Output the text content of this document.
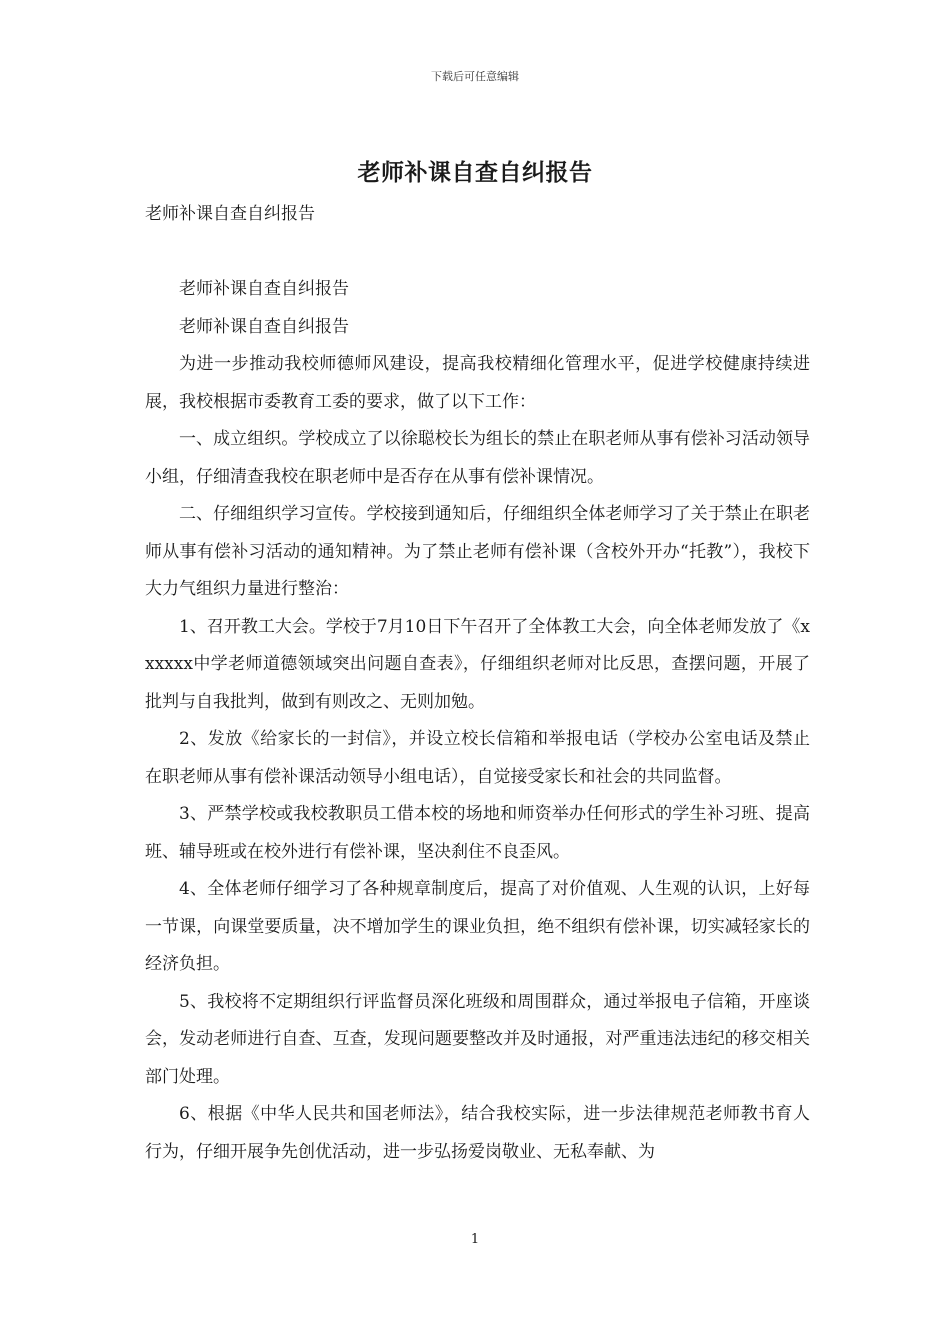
下载后可任意编辑
老师补课自查自纠报告

老师补课自查自纠报告

老师补课自查自纠报告

老师补课自查自纠报告

为进一步推动我校师德师风建设，提高我校精细化管理水平，促进学校健康持续进展，我校根据市委教育工委的要求，做了以下工作：

一、成立组织。学校成立了以徐聪校长为组长的禁止在职老师从事有偿补习活动领导小组，仔细清查我校在职老师中是否存在从事有偿补课情况。

二、仔细组织学习宣传。学校接到通知后，仔细组织全体老师学习了关于禁止在职老师从事有偿补习活动的通知精神。为了禁止老师有偿补课（含校外开办“托教”），我校下大力气组织力量进行整治：

1、召开教工大会。学校于7月10日下午召开了全体教工大会，向全体老师发放了《xxxxxx中学老师道德领域突出问题自查表》，仔细组织老师对比反思，查摆问题，开展了批判与自我批判，做到有则改之、无则加勉。

2、发放《给家长的一封信》，并设立校长信箱和举报电话（学校办公室电话及禁止在职老师从事有偿补课活动领导小组电话），自觉接受家长和社会的共同监督。

3、严禁学校或我校教职员工借本校的场地和师资举办任何形式的学生补习班、提高班、辅导班或在校外进行有偿补课，坚决刹住不良歪风。

4、全体老师仔细学习了各种规章制度后，提高了对价值观、人生观的认识，上好每一节课，向课堂要质量，决不增加学生的课业负担，绝不组织有偿补课，切实减轻家长的经济负担。

5、我校将不定期组织行评监督员深化班级和周围群众，通过举报电子信箱，开座谈会，发动老师进行自查、互查，发现问题要整改并及时通报，对严重违法违纪的移交相关部门处理。

6、根据《中华人民共和国老师法》，结合我校实际，进一步法律规范老师教书育人行为，仔细开展争先创优活动，进一步弘扬爱岗敬业、无私奉献、为

1
